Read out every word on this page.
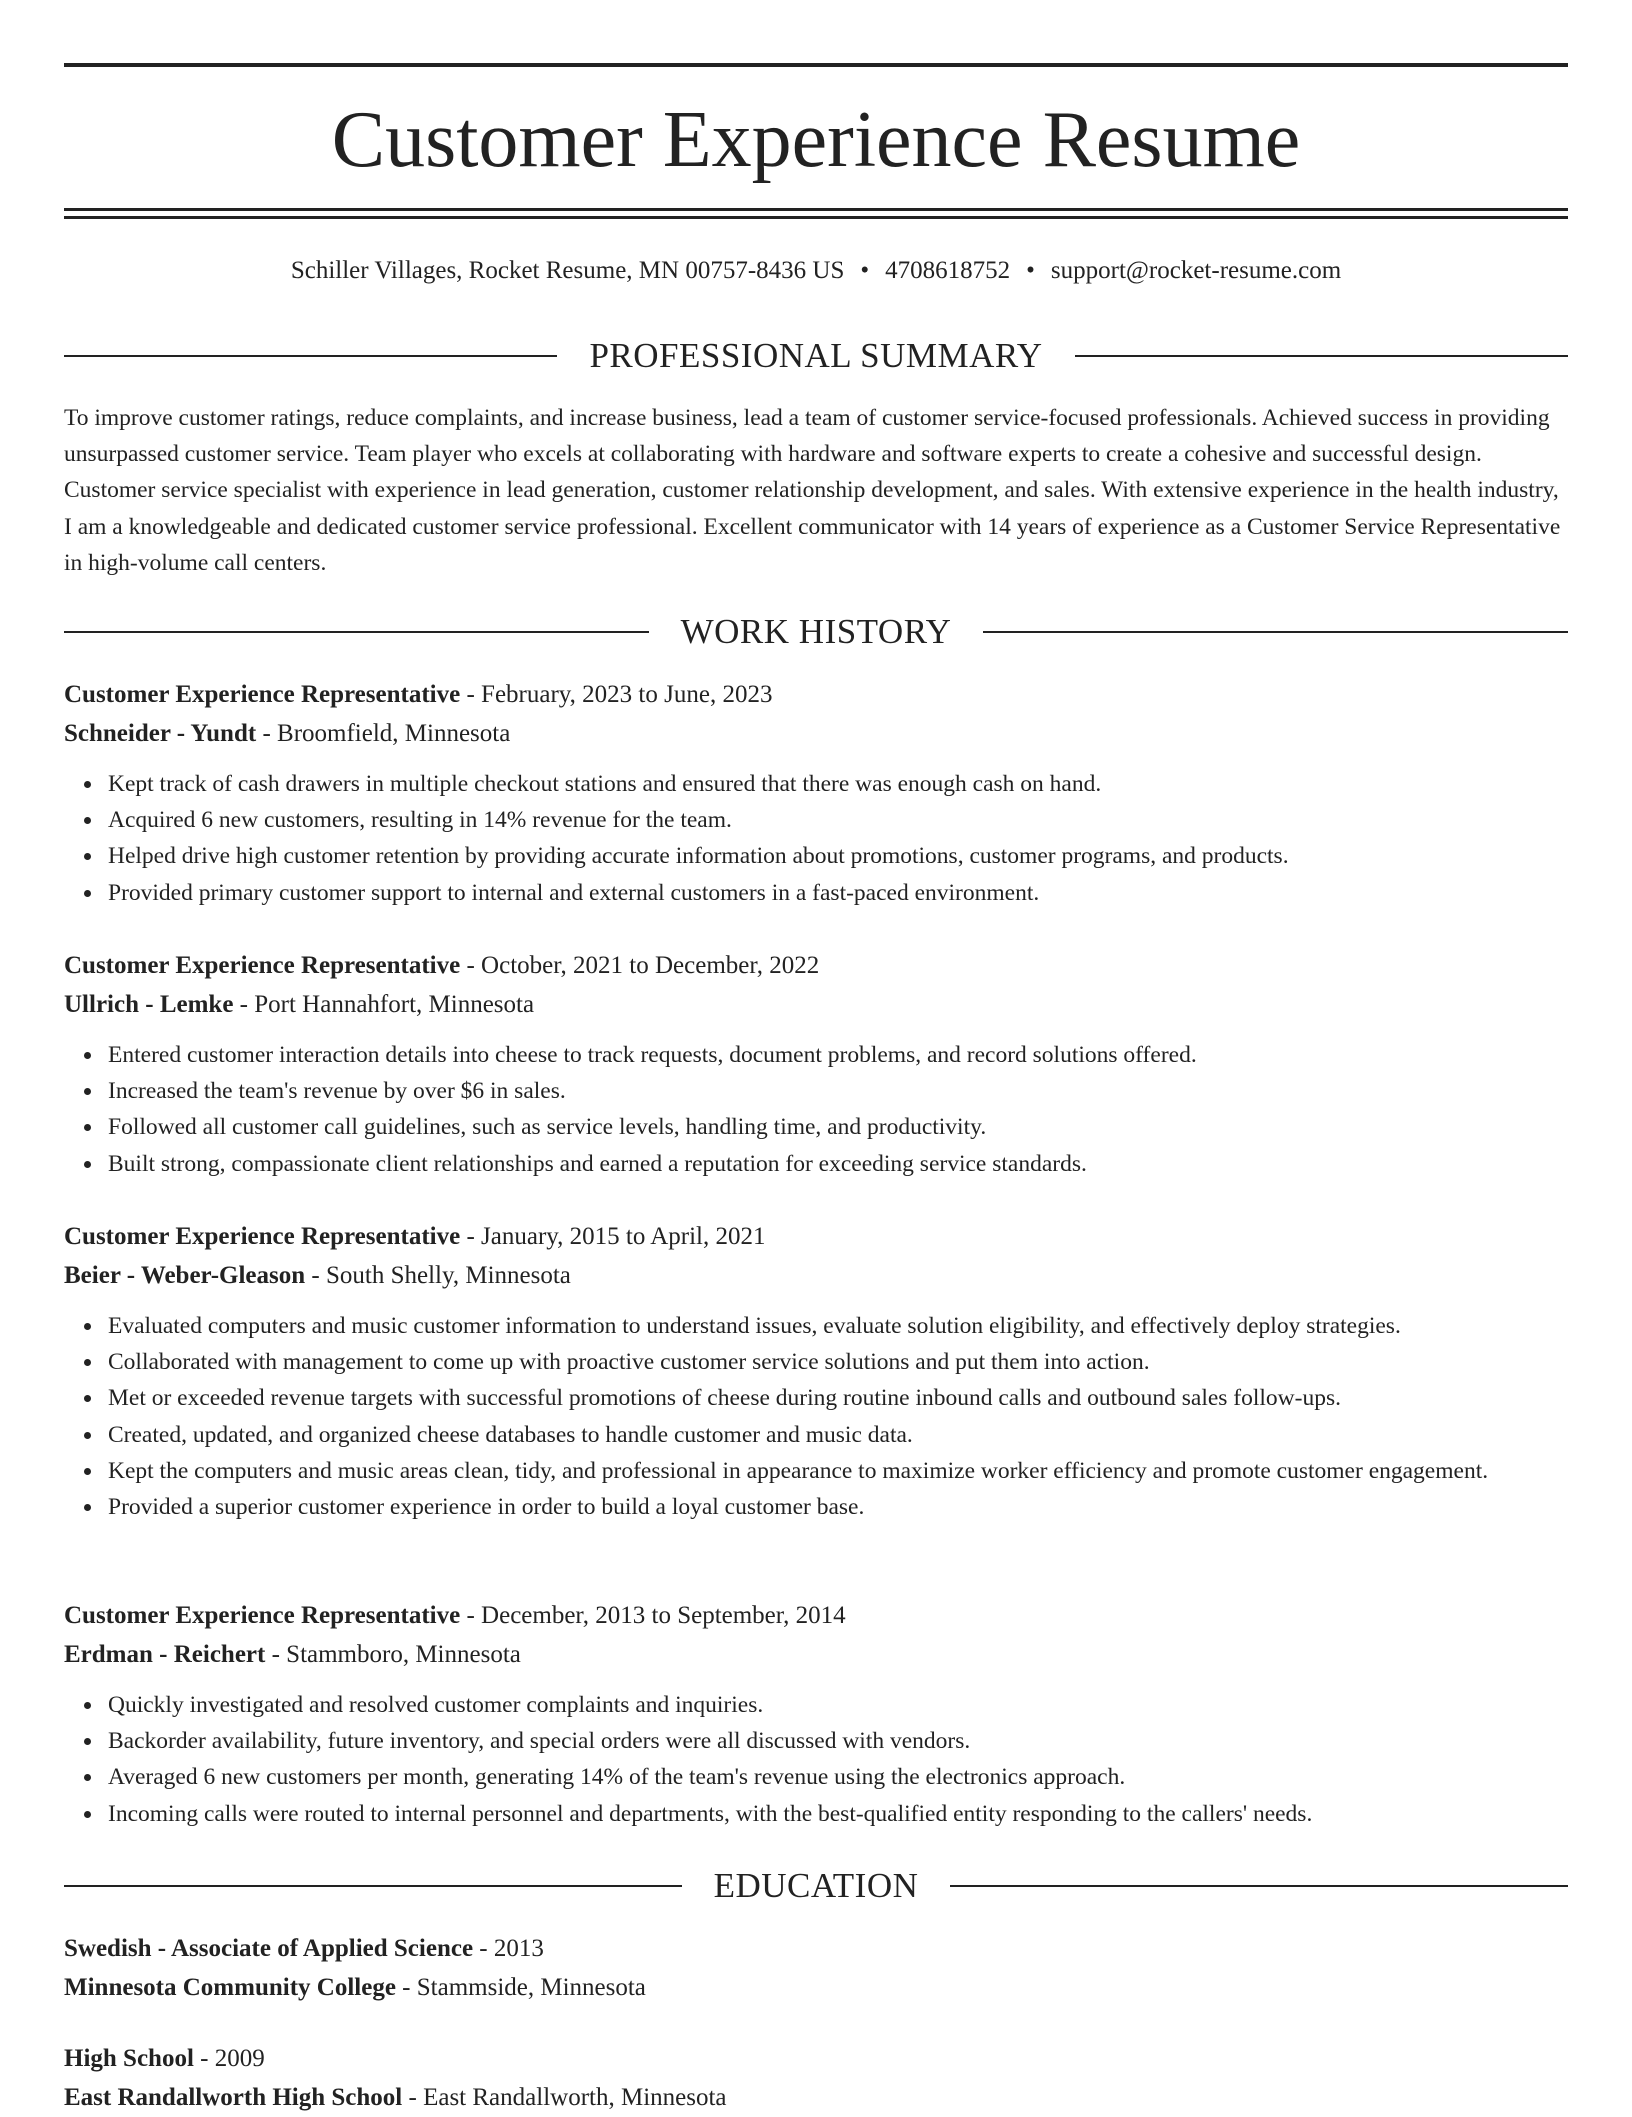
Customer Experience Resume
Schiller Villages, Rocket Resume, MN 00757-8436 US • 4708618752 • support@rocket-resume.com
PROFESSIONAL SUMMARY

To improve customer ratings, reduce complaints, and increase business, lead a team of customer service-focused professionals. Achieved success in providing unsurpassed customer service. Team player who excels at collaborating with hardware and software experts to create a cohesive and successful design. Customer service specialist with experience in lead generation, customer relationship development, and sales. With extensive experience in the health industry, I am a knowledgeable and dedicated customer service professional. Excellent communicator with 14 years of experience as a Customer Service Representative in high-volume call centers.

WORK HISTORY
Customer Experience Representative - February, 2023 to June, 2023
Schneider - Yundt - Broomfield, Minnesota
Kept track of cash drawers in multiple checkout stations and ensured that there was enough cash on hand.
Acquired 6 new customers, resulting in 14% revenue for the team.
Helped drive high customer retention by providing accurate information about promotions, customer programs, and products.
Provided primary customer support to internal and external customers in a fast-paced environment.
Customer Experience Representative - October, 2021 to December, 2022
Ullrich - Lemke - Port Hannahfort, Minnesota
Entered customer interaction details into cheese to track requests, document problems, and record solutions offered.
Increased the team's revenue by over $6 in sales.
Followed all customer call guidelines, such as service levels, handling time, and productivity.
Built strong, compassionate client relationships and earned a reputation for exceeding service standards.
Customer Experience Representative - January, 2015 to April, 2021
Beier - Weber-Gleason - South Shelly, Minnesota
Evaluated computers and music customer information to understand issues, evaluate solution eligibility, and effectively deploy strategies.
Collaborated with management to come up with proactive customer service solutions and put them into action.
Met or exceeded revenue targets with successful promotions of cheese during routine inbound calls and outbound sales follow-ups.
Created, updated, and organized cheese databases to handle customer and music data.
Kept the computers and music areas clean, tidy, and professional in appearance to maximize worker efficiency and promote customer engagement.
Provided a superior customer experience in order to build a loyal customer base.
Customer Experience Representative - December, 2013 to September, 2014
Erdman - Reichert - Stammboro, Minnesota
Quickly investigated and resolved customer complaints and inquiries.
Backorder availability, future inventory, and special orders were all discussed with vendors.
Averaged 6 new customers per month, generating 14% of the team's revenue using the electronics approach.
Incoming calls were routed to internal personnel and departments, with the best-qualified entity responding to the callers' needs.
EDUCATION
Swedish - Associate of Applied Science - 2013
Minnesota Community College - Stammside, Minnesota
High School - 2009
East Randallworth High School - East Randallworth, Minnesota
